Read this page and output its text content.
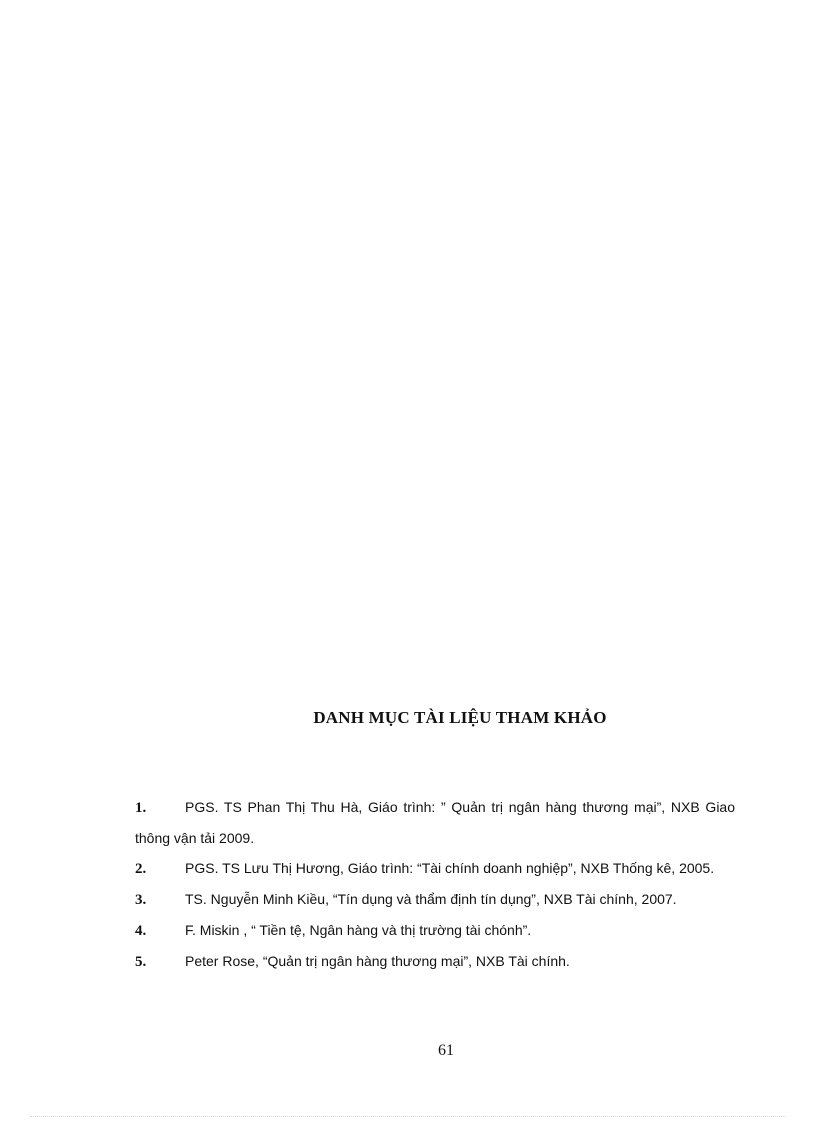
DANH MỤC TÀI LIỆU THAM KHẢO
1.	PGS. TS Phan Thị Thu Hà, Giáo trình: ” Quản trị ngân hàng thương mại”, NXB Giao thông vận tải 2009.
2.	PGS. TS Lưu Thị Hương, Giáo trình: “Tài chính doanh nghiệp”, NXB Thống kê, 2005.
3.	TS. Nguyễn Minh Kiều, “Tín dụng và thẩm định tín dụng”, NXB Tài chính, 2007.
4.	F. Miskin , “ Tiền tệ, Ngân hàng và thị trường tài chónh”.
5.	Peter Rose, “Quản trị ngân hàng thương mại”, NXB Tài chính.
61
